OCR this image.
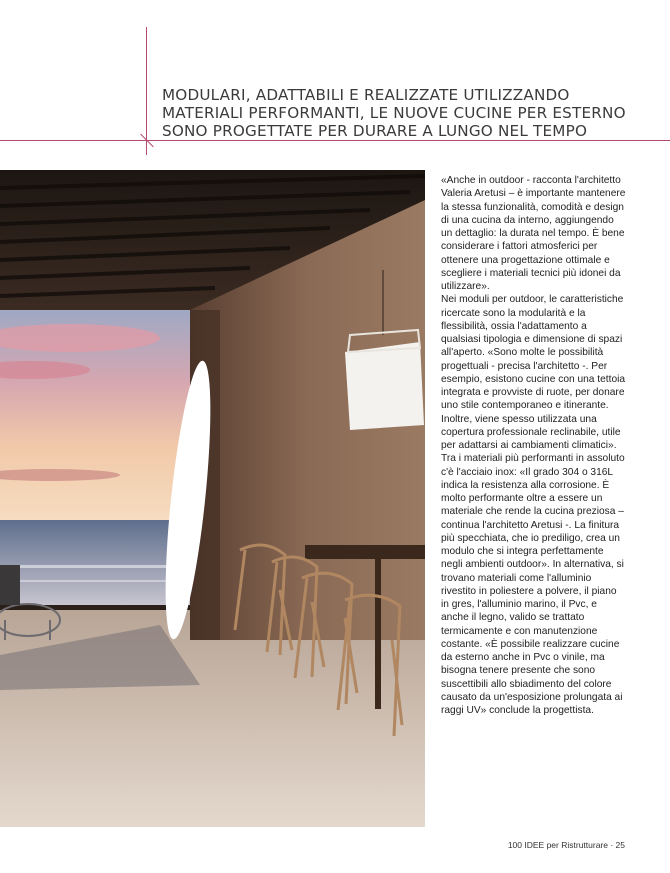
MODULARI, ADATTABILI E REALIZZATE UTILIZZANDO
MATERIALI PERFORMANTI, LE NUOVE CUCINE PER ESTERNO
SONO PROGETTATE PER DURARE A LUNGO NEL TEMPO

«Anche in outdoor - racconta l'architetto Valeria Aretusi – è importante mantenere la stessa funzionalità, comodità e design di una cucina da interno, aggiungendo un dettaglio: la durata nel tempo. È bene considerare i fattori atmosferici per ottenere una progettazione ottimale e scegliere i materiali tecnici più idonei da utilizzare».

Nei moduli per outdoor, le caratteristiche ricercate sono la modularità e la flessibilità, ossia l'adattamento a qualsiasi tipologia e dimensione di spazi all'aperto. «Sono molte le possibilità progettuali - precisa l'architetto -. Per esempio, esistono cucine con una tettoia integrata e provviste di ruote, per donare uno stile contemporaneo e itinerante. Inoltre, viene spesso utilizzata una copertura professionale reclinabile, utile per adattarsi ai cambiamenti climatici».

Tra i materiali più performanti in assoluto c'è l'acciaio inox: «Il grado 304 o 316L indica la resistenza alla corrosione. È molto performante oltre a essere un materiale che rende la cucina preziosa – continua l'architetto Aretusi -. La finitura più specchiata, che io prediligo, crea un modulo che si integra perfettamente negli ambienti outdoor». In alternativa, si trovano materiali come l'alluminio rivestito in poliestere a polvere, il piano in gres, l'alluminio marino, il Pvc, e anche il legno, valido se trattato termicamente e con manutenzione costante. «È possibile realizzare cucine da esterno anche in Pvc o vinile, ma bisogna tenere presente che sono suscettibili allo sbiadimento del colore causato da un'esposizione prolungata ai raggi UV» conclude la progettista.

100 IDEE per Ristrutturare · 25
